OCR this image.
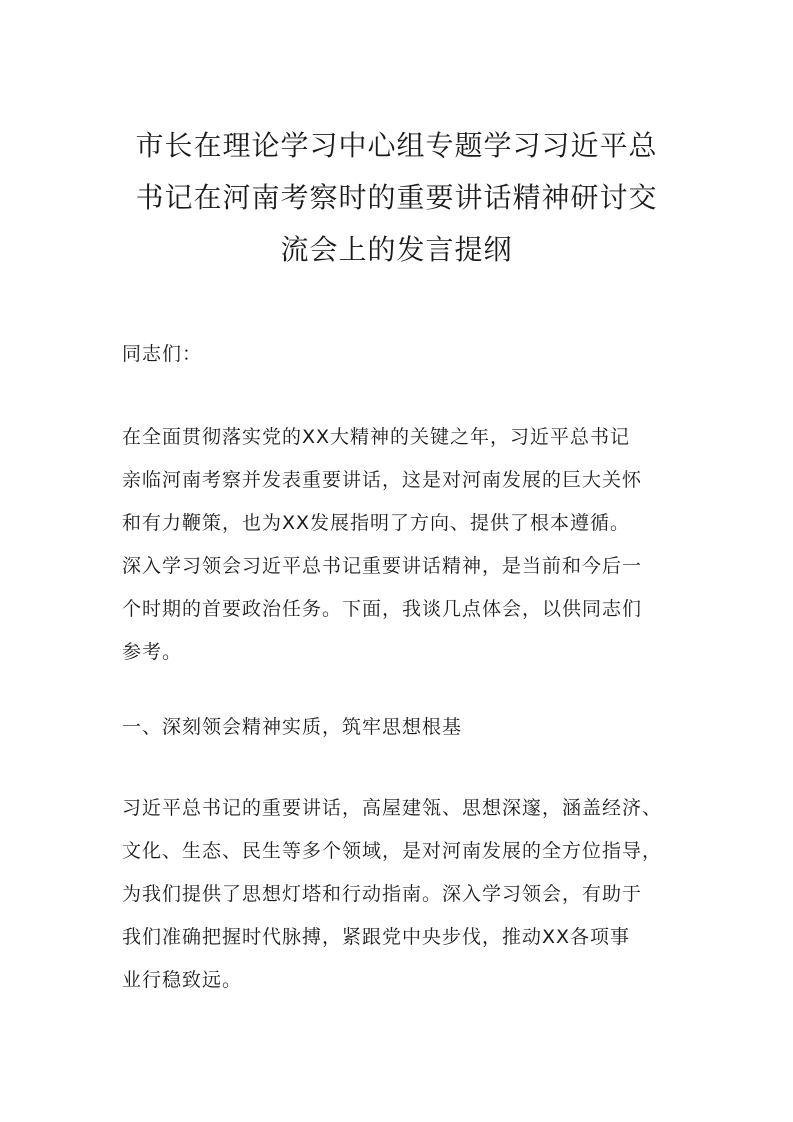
市长在理论学习中心组专题学习习近平总
书记在河南考察时的重要讲话精神研讨交
流会上的发言提纲

同志们：

在全面贯彻落实党的XX大精神的关键之年，习近平总书记
亲临河南考察并发表重要讲话，这是对河南发展的巨大关怀
和有力鞭策，也为XX发展指明了方向、提供了根本遵循。
深入学习领会习近平总书记重要讲话精神，是当前和今后一
个时期的首要政治任务。下面，我谈几点体会，以供同志们
参考。

一、深刻领会精神实质，筑牢思想根基

习近平总书记的重要讲话，高屋建瓴、思想深邃，涵盖经济、
文化、生态、民生等多个领域，是对河南发展的全方位指导，
为我们提供了思想灯塔和行动指南。深入学习领会，有助于
我们准确把握时代脉搏，紧跟党中央步伐，推动XX各项事
业行稳致远。
